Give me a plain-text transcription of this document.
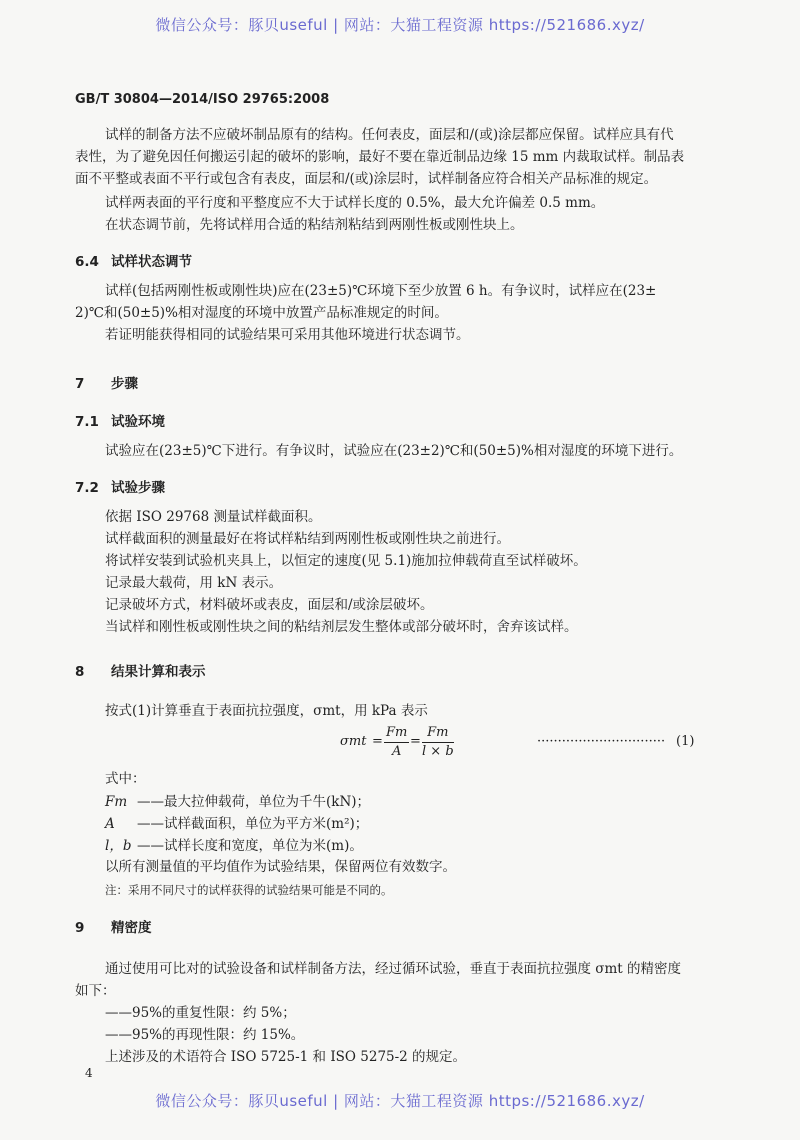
微信公众号：豚贝useful | 网站：大猫工程资源 https://521686.xyz/
GB/T 30804—2014/ISO 29765:2008

试样的制备方法不应破坏制品原有的结构。任何表皮，面层和/(或)涂层都应保留。试样应具有代

表性，为了避免因任何搬运引起的破坏的影响，最好不要在靠近制品边缘 15 mm 内裁取试样。制品表

面不平整或表面不平行或包含有表皮，面层和/(或)涂层时，试样制备应符合相关产品标准的规定。

试样两表面的平行度和平整度应不大于试样长度的 0.5%，最大允许偏差 0.5 mm。

在状态调节前，先将试样用合适的粘结剂粘结到两刚性板或刚性块上。

6.4 试样状态调节

试样(包括两刚性板或刚性块)应在(23±5)℃环境下至少放置 6 h。有争议时，试样应在(23±

2)℃和(50±5)%相对湿度的环境中放置产品标准规定的时间。

若证明能获得相同的试验结果可采用其他环境进行状态调节。

7 步骤
7.1 试验环境

试验应在(23±5)℃下进行。有争议时，试验应在(23±2)℃和(50±5)%相对湿度的环境下进行。

7.2 试验步骤

依据 ISO 29768 测量试样截面积。

试样截面积的测量最好在将试样粘结到两刚性板或刚性块之前进行。

将试样安装到试验机夹具上，以恒定的速度(见 5.1)施加拉伸载荷直至试样破坏。

记录最大载荷，用 kN 表示。

记录破坏方式，材料破坏或表皮，面层和/或涂层破坏。

当试样和刚性板或刚性块之间的粘结剂层发生整体或部分破坏时，舍弃该试样。

8 结果计算和表示

按式(1)计算垂直于表面抗拉强度，σmt，用 kPa 表示

$\sigma mt = \frac{Fm}{A} = \frac{Fm}{l \times b}$	······························· (1)

式中：

Fm ——最大拉伸载荷，单位为千牛(kN)；
A ——试样截面积，单位为平方米(m²)；
l，b ——试样长度和宽度，单位为米(m)。

以所有测量值的平均值作为试验结果，保留两位有效数字。

注：采用不同尺寸的试样获得的试验结果可能是不同的。
9 精密度

通过使用可比对的试验设备和试样制备方法，经过循环试验，垂直于表面抗拉强度 σmt 的精密度

如下：

——95%的重复性限：约 5%；

——95%的再现性限：约 15%。

上述涉及的术语符合 ISO 5725-1 和 ISO 5275-2 的规定。

4
微信公众号：豚贝useful | 网站：大猫工程资源 https://521686.xyz/
